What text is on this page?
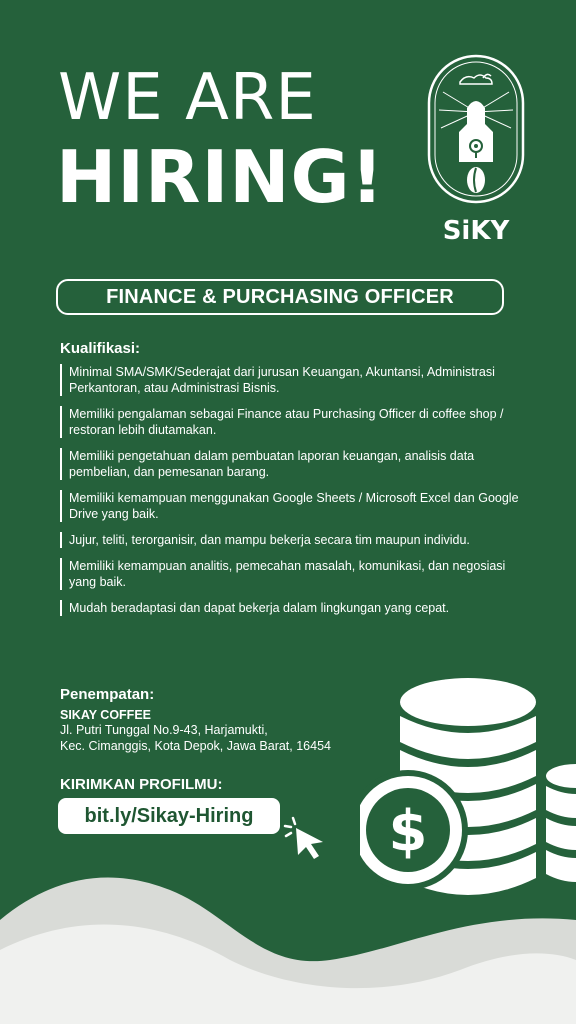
WE ARE
HIRING!
SiKY
FINANCE & PURCHASING OFFICER
Kualifikasi:
Minimal SMA/SMK/Sederajat dari jurusan Keuangan, Akuntansi, Administrasi Perkantoran, atau Administrasi Bisnis.
Memiliki pengalaman sebagai Finance atau Purchasing Officer di coffee shop / restoran lebih diutamakan.
Memiliki pengetahuan dalam pembuatan laporan keuangan, analisis data pembelian, dan pemesanan barang.
Memiliki kemampuan menggunakan Google Sheets / Microsoft Excel dan Google Drive yang baik.
Jujur, teliti, terorganisir, dan mampu bekerja secara tim maupun individu.
Memiliki kemampuan analitis, pemecahan masalah, komunikasi, dan negosiasi yang baik.
Mudah beradaptasi dan dapat bekerja dalam lingkungan yang cepat.
Penempatan:
SIKAY COFFEE
Jl. Putri Tunggal No.9-43, Harjamukti,
Kec. Cimanggis, Kota Depok, Jawa Barat, 16454
KIRIMKAN PROFILMU:
bit.ly/Sikay-Hiring	$
